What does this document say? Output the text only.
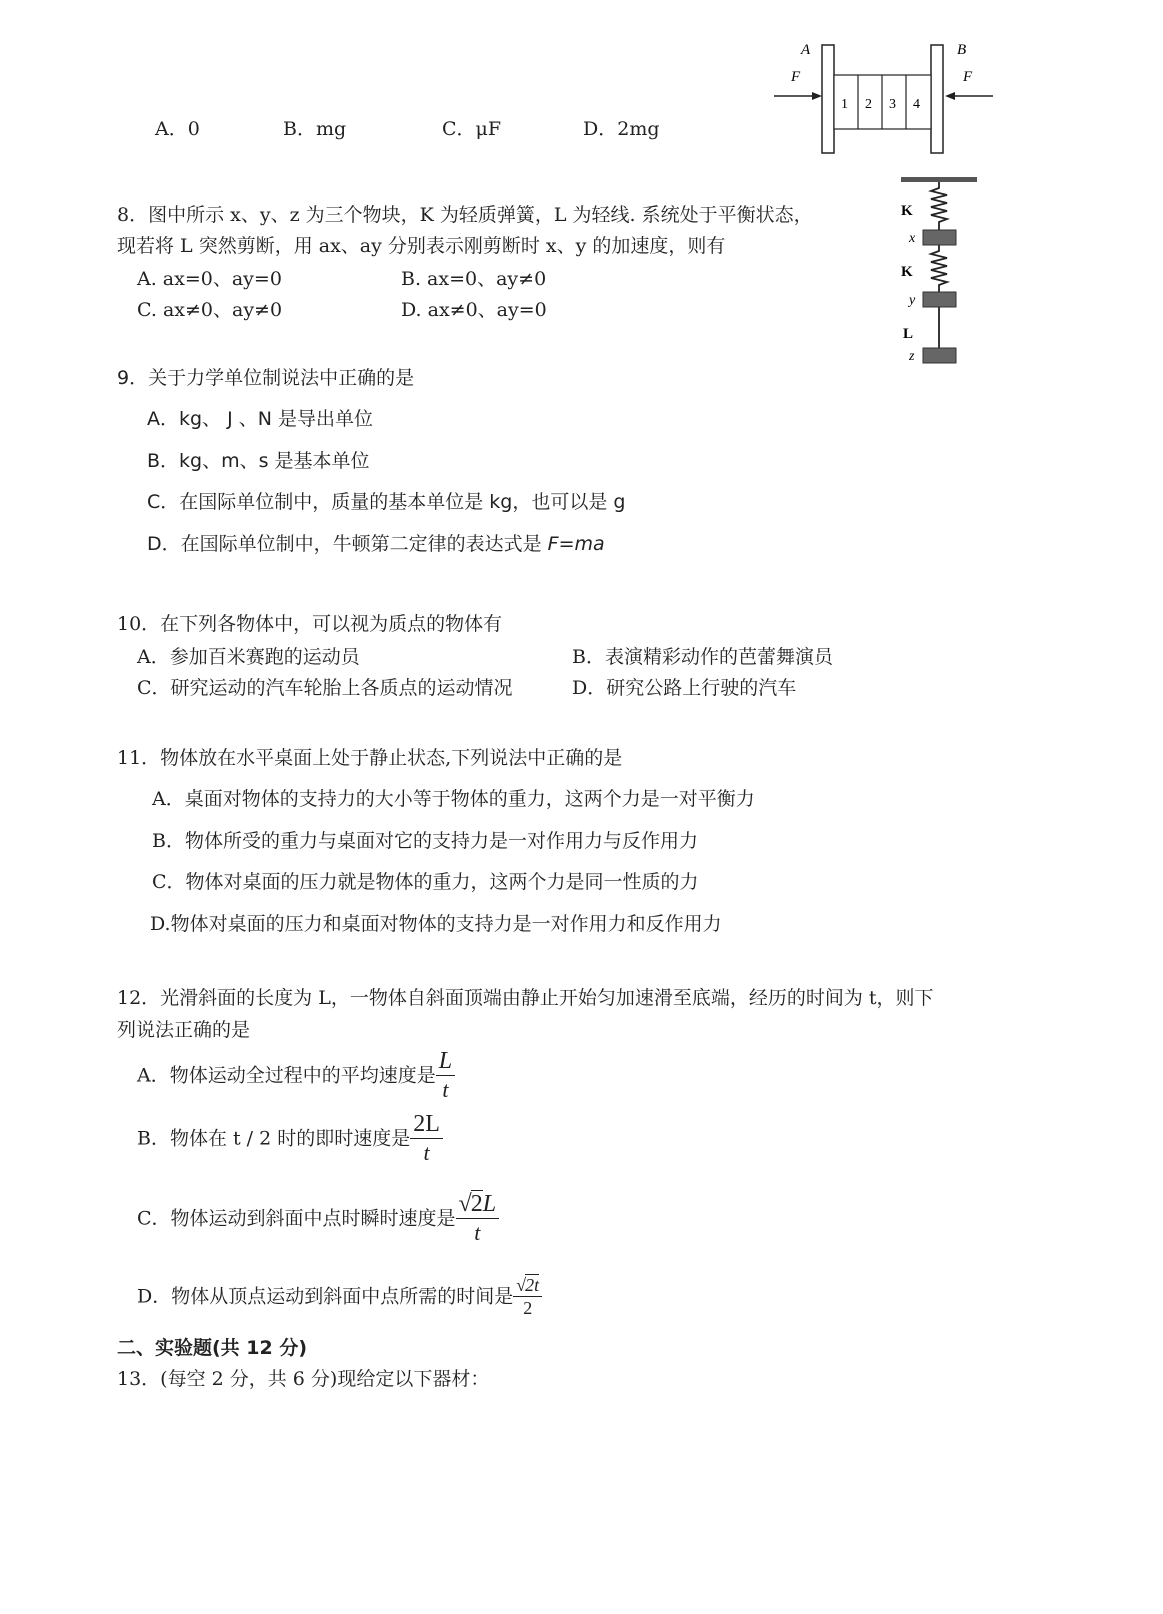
A．0	B．mg	C．μF	D．2mg
A	B
F	F
1 2 3 4
8．图中所示 x、y、z 为三个物块，K 为轻质弹簧，L 为轻线. 系统处于平衡状态，
现若将 L 突然剪断，用 ax、ay 分别表示刚剪断时 x、y 的加速度，则有
A. ax=0、ay=0	B. ax=0、ay≠0
C. ax≠0、ay≠0	D. ax≠0、ay=0
K
x
K
y
L
z
9．关于力学单位制说法中正确的是
A．kg、 J 、N 是导出单位
B．kg、m、s 是基本单位
C．在国际单位制中，质量的基本单位是 kg，也可以是 g
D．在国际单位制中，牛顿第二定律的表达式是 F=ma
10．在下列各物体中，可以视为质点的物体有
A．参加百米赛跑的运动员	B．表演精彩动作的芭蕾舞演员
C．研究运动的汽车轮胎上各质点的运动情况	D．研究公路上行驶的汽车
11．物体放在水平桌面上处于静止状态,下列说法中正确的是
A．桌面对物体的支持力的大小等于物体的重力，这两个力是一对平衡力
B．物体所受的重力与桌面对它的支持力是一对作用力与反作用力
C．物体对桌面的压力就是物体的重力，这两个力是同一性质的力
D.物体对桌面的压力和桌面对物体的支持力是一对作用力和反作用力
12．光滑斜面的长度为 L，一物体自斜面顶端由静止开始匀加速滑至底端，经历的时间为 t，则下
列说法正确的是
A．物体运动全过程中的平均速度是 $\frac{L}{t}$
B．物体在 t / 2 时的即时速度是 $\frac{2L}{t}$
C．物体运动到斜面中点时瞬时速度是 $\frac{√2L}{t}$
D．物体从顶点运动到斜面中点所需的时间是 $\frac{√2t}{2}$
二、实验题(共 12 分)
13．(每空 2 分，共 6 分)现给定以下器材：
